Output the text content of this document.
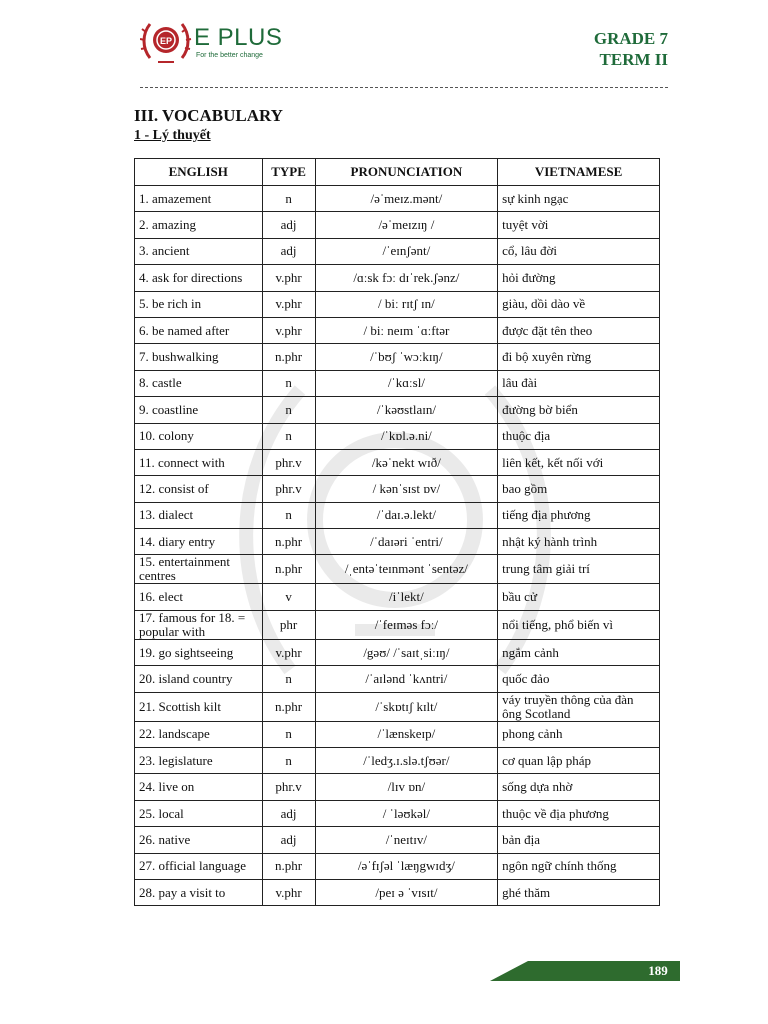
EP E PLUS
For the better change
GRADE 7
TERM II
III. VOCABULARY
1 - Lý thuyết
ENGLISH	TYPE	PRONUNCIATION	VIETNAMESE
1. amazement	n	/əˈmeɪz.mənt/	sự kinh ngạc
2. amazing	adj	/əˈmeɪzɪŋ /	tuyệt vời
3. ancient	adj	/ˈeɪnʃənt/	cổ, lâu đời
4. ask for directions	v.phr	/ɑːsk fɔː dɪˈrek.ʃənz/	hỏi đường
5. be rich in	v.phr	/ biː rɪtʃ ɪn/	giàu, dồi dào về
6. be named after	v.phr	/ biː neɪm ˈɑːftər	được đặt tên theo
7. bushwalking	n.phr	/ˈbʊʃ ˈwɔːkɪŋ/	đi bộ xuyên rừng
8. castle	n	/ˈkɑːsl/	lâu đài
9. coastline	n	/ˈkəʊstlaɪn/	đường bờ biển
10. colony	n	/ˈkɒl.ə.ni/	thuộc địa
11. connect with	phr.v	/kəˈnekt wɪð/	liên kết, kết nối với
12. consist of	phr.v	/ kənˈsɪst ɒv/	bao gồm
13. dialect	n	/ˈdaɪ.ə.lekt/	tiếng địa phương
14. diary entry	n.phr	/ˈdaɪəri ˈentri/	nhật ký hành trình
15. entertainment centres	n.phr	/ˌentəˈteɪnmənt ˈsentəz/	trung tâm giải trí
16. elect	v	/iˈlekt/	bầu cử
17. famous for 18. = popular with	phr	/ˈfeɪməs fɔː/	nổi tiếng, phổ biến vì
19. go sightseeing	v.phr	/gəʊ/ /ˈsaɪtˌsiːɪŋ/	ngắm cảnh
20. island country	n	/ˈaɪlənd ˈkʌntri/	quốc đảo
21. Scottish kilt	n.phr	/ˈskɒtɪʃ kɪlt/	váy truyền thông của đàn ông Scotland
22. landscape	n	/ˈlænskeɪp/	phong cảnh
23. legislature	n	/ˈledʒ.ɪ.slə.tʃʊər/	cơ quan lập pháp
24. live on	phr.v	/lɪv ɒn/	sống dựa nhờ
25. local	adj	/ ˈləʊkəl/	thuộc về địa phương
26. native	adj	/ˈneɪtɪv/	bản địa
27. official language	n.phr	/əˈfɪʃəl ˈlæŋgwɪdʒ/	ngôn ngữ chính thống
28. pay a visit to	v.phr	/peɪ ə ˈvɪsɪt/	ghé thăm
189
